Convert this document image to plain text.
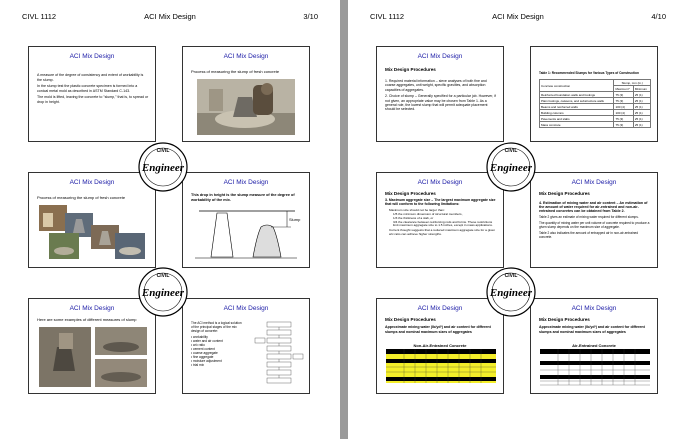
CIVL 1112	ACI Mix Design	3/10
ACI Mix Design
A measure of the degree of consistency and extent of workability is the slump.
In the slump test the plastic concrete specimen is formed into a conical metal mold as described in ASTM Standard C-143.
The mold is lifted, leaving the concrete to "slump," that is, to spread or drop in height.
ACI Mix Design
Process of measuring the slump of fresh concrete
ACI Mix Design
Process of measuring the slump of fresh concrete
ACI Mix Design
This drop in height is the slump measure of the degree of workability of the mix.
Slump
ACI Mix Design
Here are some examples of different measures of slump
ACI Mix Design
The ACI method is a logical solution of the principal stages of the mix design of concrete:
• workability
• water and air content
• w/c ratio
• cement content
• coarse aggregate
• fine aggregate
• moisture adjustment
• trial mix
CIVL 1112	ACI Mix Design	4/10
ACI Mix Design
Mix Design Procedures
1. Required material information – sieve analyses of both fine and coarse aggregates, unit weight, specific gravities, and absorption capacities of aggregates.
2. Choice of slump – Generally specified for a particular job. However, if not given, an appropriate value may be chosen from Table 1. As a general rule, the lowest slump that will permit adequate placement should be selected.
Table 1: Recommended Slumps for Various Types of Construction
Concrete construction	Slump, mm (in.)	
	Maximum*	Minimum
Reinforced foundation walls and footings	75 (3)	25 (1)
Plain footings, caissons, and substructure walls	75 (3)	25 (1)
Beams and reinforced walls	100 (4)	25 (1)
Building columns	100 (4)	25 (1)
Pavements and slabs	75 (3)	25 (1)
Mass concrete	75 (3)	25 (1)
ACI Mix Design
Mix Design Procedures
3. Maximum aggregate size – The largest maximum aggregate size that will conform to the following limitations:
Maximum size should not be larger than:
1/5 the minimum dimension of structural members,
1/3 the thickness of a slab, or
3/4 the clearance between reinforcing rods and forms. These restrictions limit maximum aggregate size to 1.5 inches, except in mass applications.
Current thought suggests that a reduced maximum aggregate size for a given w/c ratio can achieve higher strengths.
ACI Mix Design
Mix Design Procedures
4. Estimation of mixing water and air content – An estimation of the amount of water required for air-entrained and non-air-entrained concretes can be obtained from Table 2.
Table 2 gives an estimate of mixing water required for different slumps.
The quantity of mixing water per unit volume of concrete required to produce a given slump depends on the maximum size of aggregate.
Table 2 also indicates the amount of entrapped air in non-air-entrained concrete.
ACI Mix Design
Mix Design Procedures
Approximate mixing water (lb/yd³) and air content for different slumps and nominal maximum sizes of aggregates
Non-Air-Entrained Concrete
ACI Mix Design
Mix Design Procedures
Approximate mixing water (lb/yd³) and air content for different slumps and nominal maximum sizes of aggregates
Air-Entrained Concrete
CIVIL
Engineer
CIVIL
Engineer
CIVIL
Engineer
CIVIL
Engineer
